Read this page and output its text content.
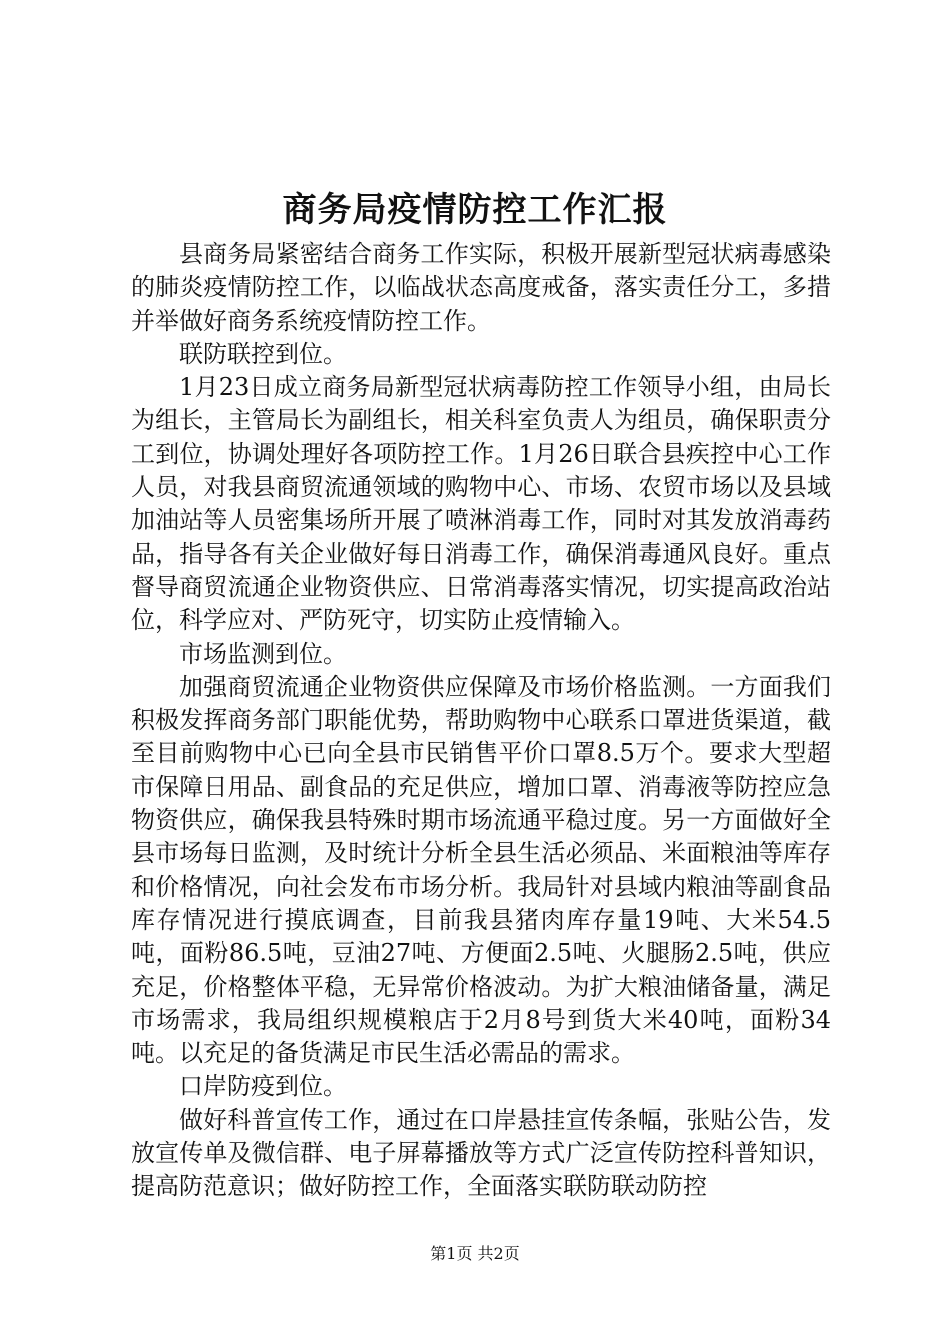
商务局疫情防控工作汇报

县商务局紧密结合商务工作实际，积极开展新型冠状病毒感染的肺炎疫情防控工作，以临战状态高度戒备，落实责任分工，多措并举做好商务系统疫情防控工作。

联防联控到位。

1月23日成立商务局新型冠状病毒防控工作领导小组，由局长为组长，主管局长为副组长，相关科室负责人为组员，确保职责分工到位，协调处理好各项防控工作。1月26日联合县疾控中心工作人员，对我县商贸流通领域的购物中心、市场、农贸市场以及县域加油站等人员密集场所开展了喷淋消毒工作，同时对其发放消毒药品，指导各有关企业做好每日消毒工作，确保消毒通风良好。重点督导商贸流通企业物资供应、日常消毒落实情况，切实提高政治站位，科学应对、严防死守，切实防止疫情输入。

市场监测到位。

加强商贸流通企业物资供应保障及市场价格监测。一方面我们积极发挥商务部门职能优势，帮助购物中心联系口罩进货渠道，截至目前购物中心已向全县市民销售平价口罩8.5万个。要求大型超市保障日用品、副食品的充足供应，增加口罩、消毒液等防控应急物资供应，确保我县特殊时期市场流通平稳过度。另一方面做好全县市场每日监测，及时统计分析全县生活必须品、米面粮油等库存和价格情况，向社会发布市场分析。我局针对县域内粮油等副食品库存情况进行摸底调查，目前我县猪肉库存量19吨、大米54.5吨，面粉86.5吨，豆油27吨、方便面2.5吨、火腿肠2.5吨，供应充足，价格整体平稳，无异常价格波动。为扩大粮油储备量，满足市场需求，我局组织规模粮店于2月8号到货大米40吨，面粉34吨。以充足的备货满足市民生活必需品的需求。

口岸防疫到位。

做好科普宣传工作，通过在口岸悬挂宣传条幅，张贴公告，发放宣传单及微信群、电子屏幕播放等方式广泛宣传防控科普知识，提高防范意识；做好防控工作，全面落实联防联动防控

第1页 共2页
